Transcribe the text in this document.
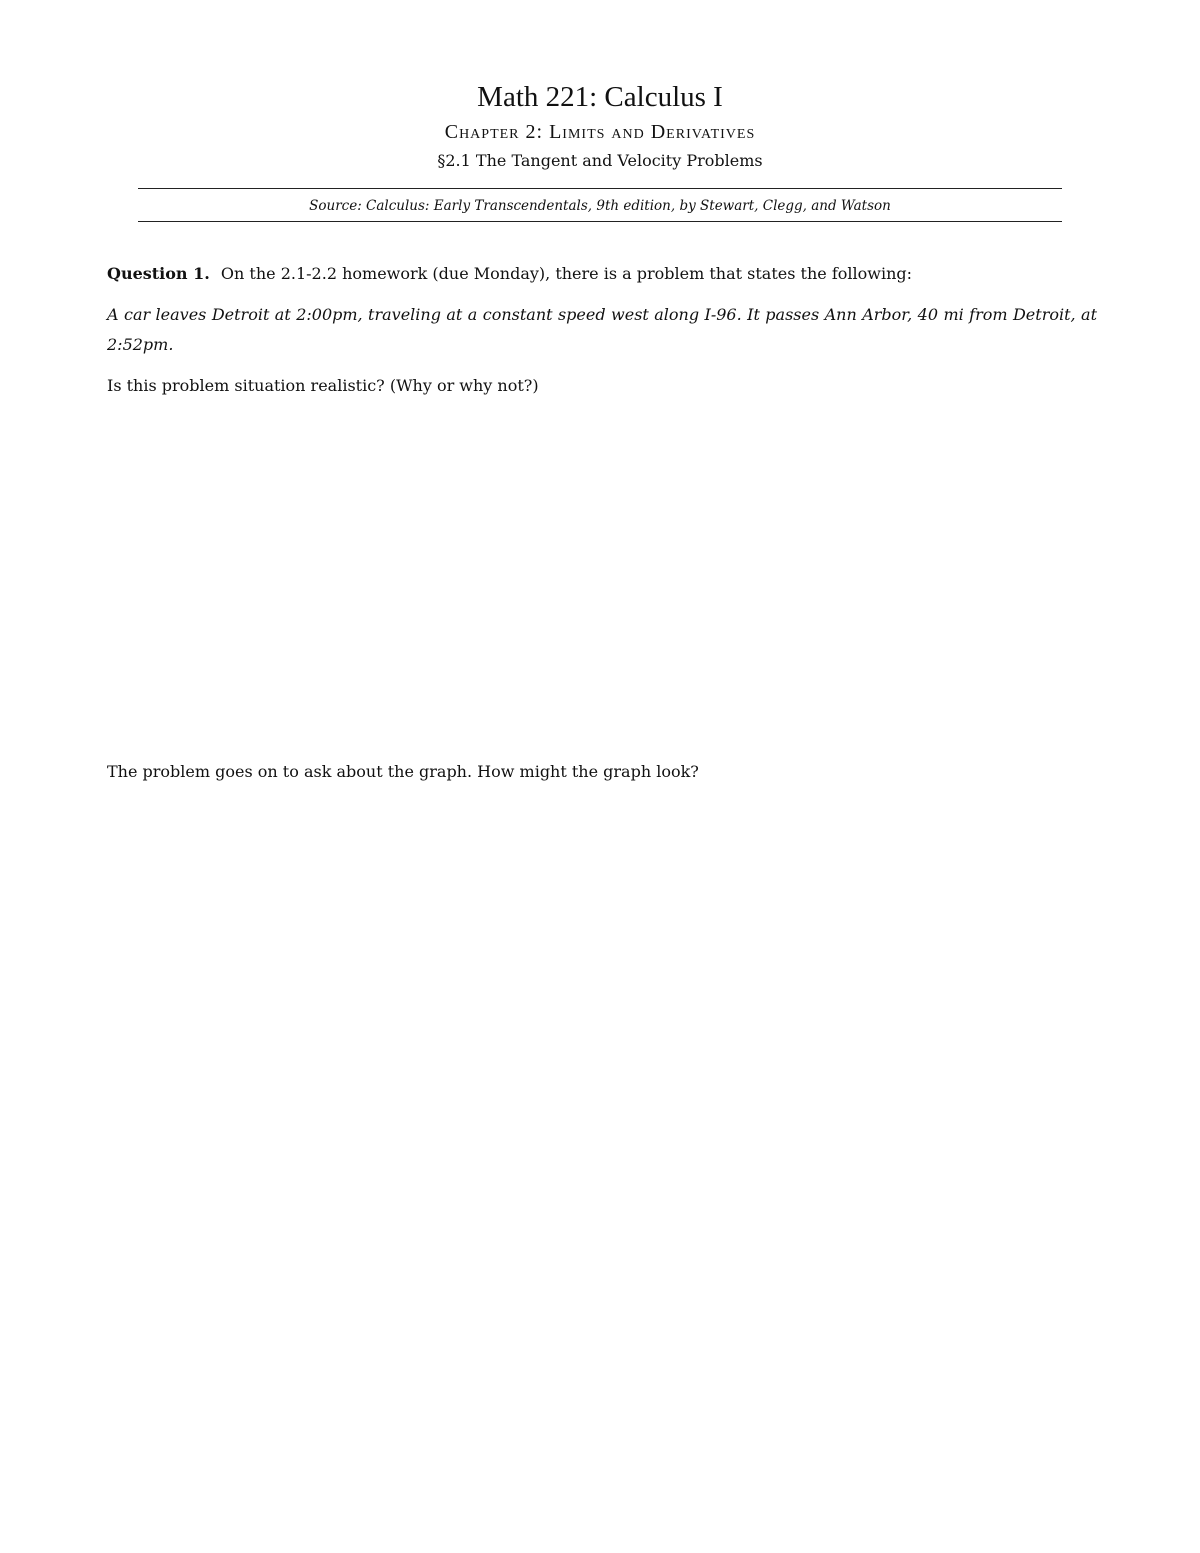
Math 221: Calculus I
Chapter 2: Limits and Derivatives
§2.1 The Tangent and Velocity Problems
Source: Calculus: Early Transcendentals, 9th edition, by Stewart, Clegg, and Watson

Question 1. On the 2.1-2.2 homework (due Monday), there is a problem that states the following:

A car leaves Detroit at 2:00pm, traveling at a constant speed west along I-96. It passes Ann Arbor, 40 mi from Detroit, at 2:52pm.

Is this problem situation realistic? (Why or why not?)

The problem goes on to ask about the graph. How might the graph look?
